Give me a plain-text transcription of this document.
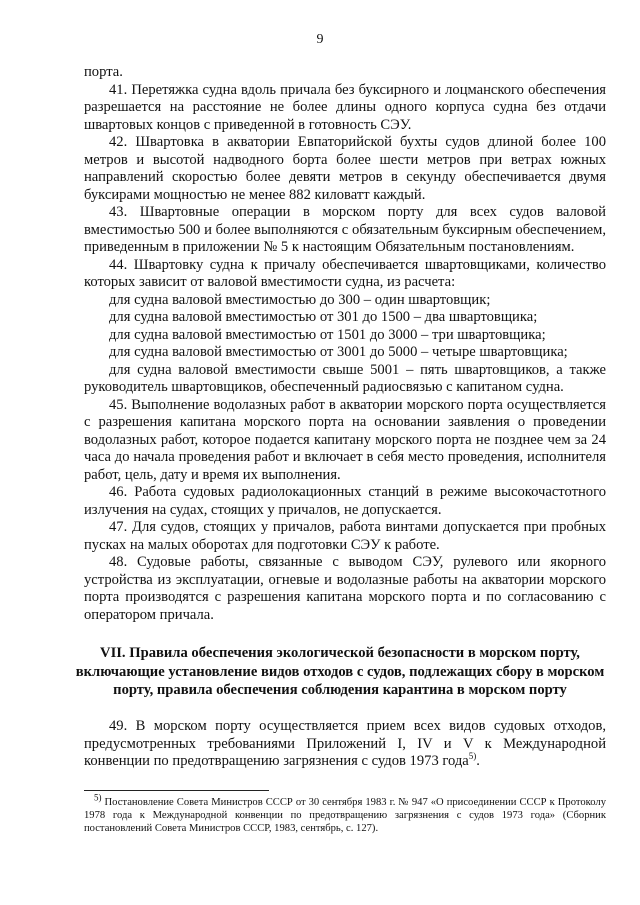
9

порта.

41. Перетяжка судна вдоль причала без буксирного и лоцманского обеспечения разрешается на расстояние не более длины одного корпуса судна без отдачи швартовых концов с приведенной в готовность СЭУ.

42. Швартовка в акватории Евпаторийской бухты судов длиной более 100 метров и высотой надводного борта более шести метров при ветрах южных направлений скоростью более девяти метров в секунду обеспечивается двумя буксирами мощностью не менее 882 киловатт каждый.

43. Швартовные операции в морском порту для всех судов валовой вместимостью 500 и более выполняются с обязательным буксирным обеспечением, приведенным в приложении № 5 к настоящим Обязательным постановлениям.

44. Швартовку судна к причалу обеспечивается швартовщиками, количество которых зависит от валовой вместимости судна, из расчета:

для судна валовой вместимостью до 300 – один швартовщик;

для судна валовой вместимостью от 301 до 1500 – два швартовщика;

для судна валовой вместимостью от 1501 до 3000 – три швартовщика;

для судна валовой вместимостью от 3001 до 5000 – четыре швартовщика;

для судна валовой вместимости свыше 5001 – пять швартовщиков, а также руководитель швартовщиков, обеспеченный радиосвязью с капитаном судна.

45. Выполнение водолазных работ в акватории морского порта осуществляется с разрешения капитана морского порта на основании заявления о проведении водолазных работ, которое подается капитану морского порта не позднее чем за 24 часа до начала проведения работ и включает в себя место проведения, исполнителя работ, цель, дату и время их выполнения.

46. Работа судовых радиолокационных станций в режиме высокочастотного излучения на судах, стоящих у причалов, не допускается.

47. Для судов, стоящих у причалов, работа винтами допускается при пробных пусках на малых оборотах для подготовки СЭУ к работе.

48. Судовые работы, связанные с выводом СЭУ, рулевого или якорного устройства из эксплуатации, огневые и водолазные работы на акватории морского порта производятся с разрешения капитана морского порта и по согласованию с оператором причала.

VII. Правила обеспечения экологической безопасности в морском порту, включающие установление видов отходов с судов, подлежащих сбору в морском порту, правила обеспечения соблюдения карантина в морском порту

49. В морском порту осуществляется прием всех видов судовых отходов, предусмотренных требованиями Приложений I, IV и V к Международной конвенции по предотвращению загрязнения с судов 1973 года$^{5)}$.

$^{5)}$ Постановление Совета Министров СССР от 30 сентября 1983 г. № 947 «О присоединении СССР к Протоколу 1978 года к Международной конвенции по предотвращению загрязнения с судов 1973 года» (Сборник постановлений Совета Министров СССР, 1983, сентябрь, с. 127).
